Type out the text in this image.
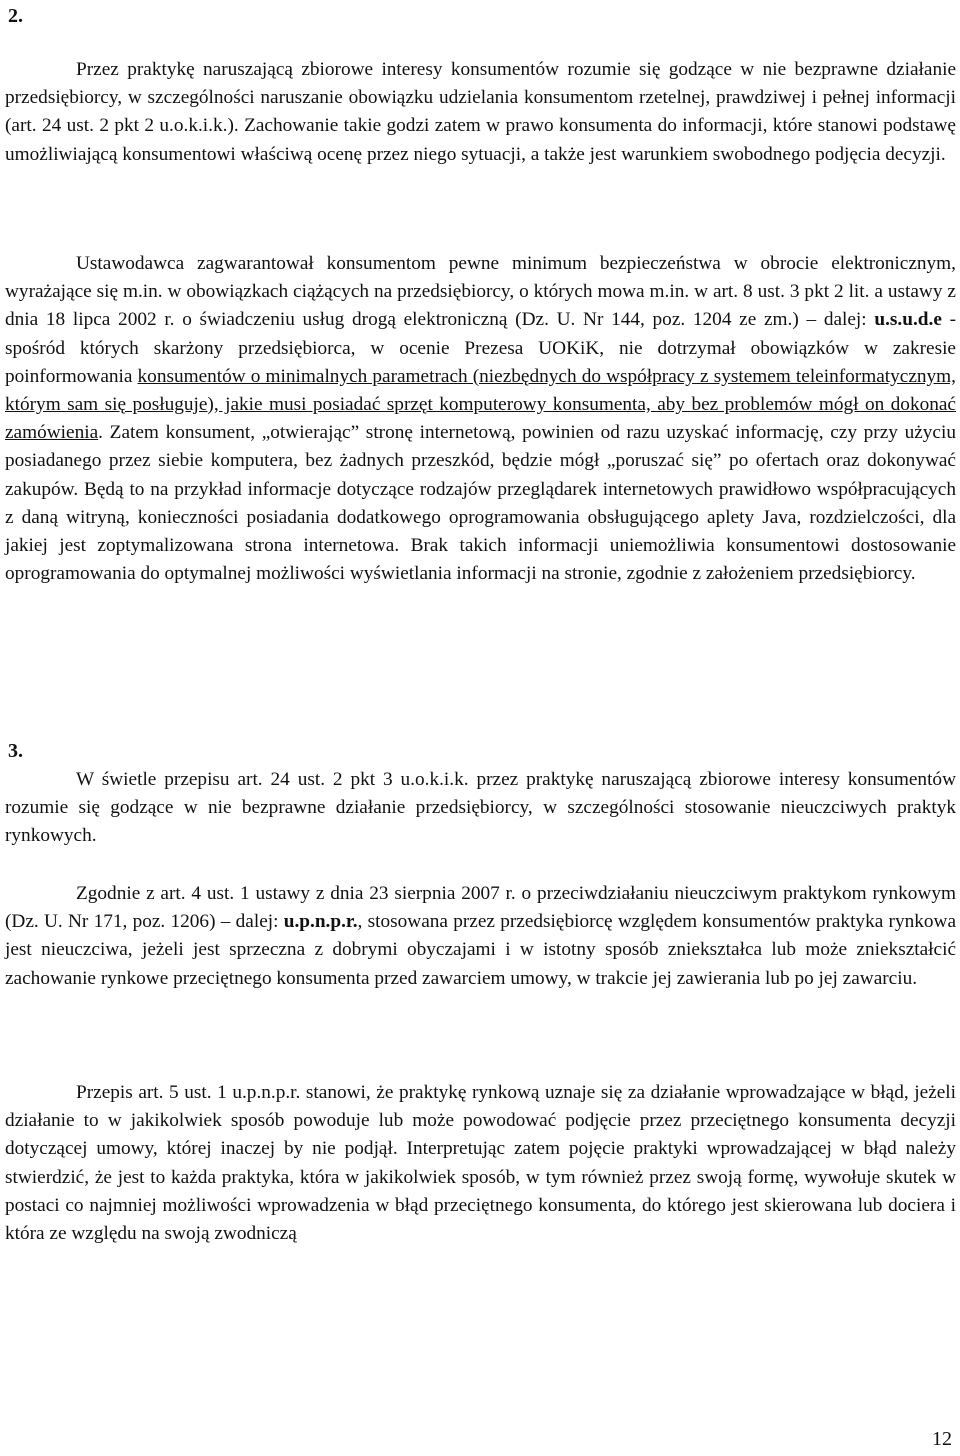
2.

Przez praktykę naruszającą zbiorowe interesy konsumentów rozumie się godzące w nie bezprawne działanie przedsiębiorcy, w szczególności naruszanie obowiązku udzielania konsumentom rzetelnej, prawdziwej i pełnej informacji (art. 24 ust. 2 pkt 2 u.o.k.i.k.). Zachowanie takie godzi zatem w prawo konsumenta do informacji, które stanowi podstawę umożliwiającą konsumentowi właściwą ocenę przez niego sytuacji, a także jest warunkiem swobodnego podjęcia decyzji.

Ustawodawca zagwarantował konsumentom pewne minimum bezpieczeństwa w obrocie elektronicznym, wyrażające się m.in. w obowiązkach ciążących na przedsiębiorcy, o których mowa m.in. w art. 8 ust. 3 pkt 2 lit. a ustawy z dnia 18 lipca 2002 r. o świadczeniu usług drogą elektroniczną (Dz. U. Nr 144, poz. 1204 ze zm.) – dalej: u.s.u.d.e - spośród których skarżony przedsiębiorca, w ocenie Prezesa UOKiK, nie dotrzymał obowiązków w zakresie poinformowania konsumentów o minimalnych parametrach (niezbędnych do współpracy z systemem teleinformatycznym, którym sam się posługuje), jakie musi posiadać sprzęt komputerowy konsumenta, aby bez problemów mógł on dokonać zamówienia. Zatem konsument, „otwierając” stronę internetową, powinien od razu uzyskać informację, czy przy użyciu posiadanego przez siebie komputera, bez żadnych przeszkód, będzie mógł „poruszać się” po ofertach oraz dokonywać zakupów. Będą to na przykład informacje dotyczące rodzajów przeglądarek internetowych prawidłowo współpracujących z daną witryną, konieczności posiadania dodatkowego oprogramowania obsługującego aplety Java, rozdzielczości, dla jakiej jest zoptymalizowana strona internetowa. Brak takich informacji uniemożliwia konsumentowi dostosowanie oprogramowania do optymalnej możliwości wyświetlania informacji na stronie, zgodnie z założeniem przedsiębiorcy.

3.

W świetle przepisu art. 24 ust. 2 pkt 3 u.o.k.i.k. przez praktykę naruszającą zbiorowe interesy konsumentów rozumie się godzące w nie bezprawne działanie przedsiębiorcy, w szczególności stosowanie nieuczciwych praktyk rynkowych.

Zgodnie z art. 4 ust. 1 ustawy z dnia 23 sierpnia 2007 r. o przeciwdziałaniu nieuczciwym praktykom rynkowym (Dz. U. Nr 171, poz. 1206) – dalej: u.p.n.p.r., stosowana przez przedsiębiorcę względem konsumentów praktyka rynkowa jest nieuczciwa, jeżeli jest sprzeczna z dobrymi obyczajami i w istotny sposób zniekształca lub może zniekształcić zachowanie rynkowe przeciętnego konsumenta przed zawarciem umowy, w trakcie jej zawierania lub po jej zawarciu.

Przepis art. 5 ust. 1 u.p.n.p.r. stanowi, że praktykę rynkową uznaje się za działanie wprowadzające w błąd, jeżeli działanie to w jakikolwiek sposób powoduje lub może powodować podjęcie przez przeciętnego konsumenta decyzji dotyczącej umowy, której inaczej by nie podjął. Interpretując zatem pojęcie praktyki wprowadzającej w błąd należy stwierdzić, że jest to każda praktyka, która w jakikolwiek sposób, w tym również przez swoją formę, wywołuje skutek w postaci co najmniej możliwości wprowadzenia w błąd przeciętnego konsumenta, do którego jest skierowana lub dociera i która ze względu na swoją zwodniczą

12
